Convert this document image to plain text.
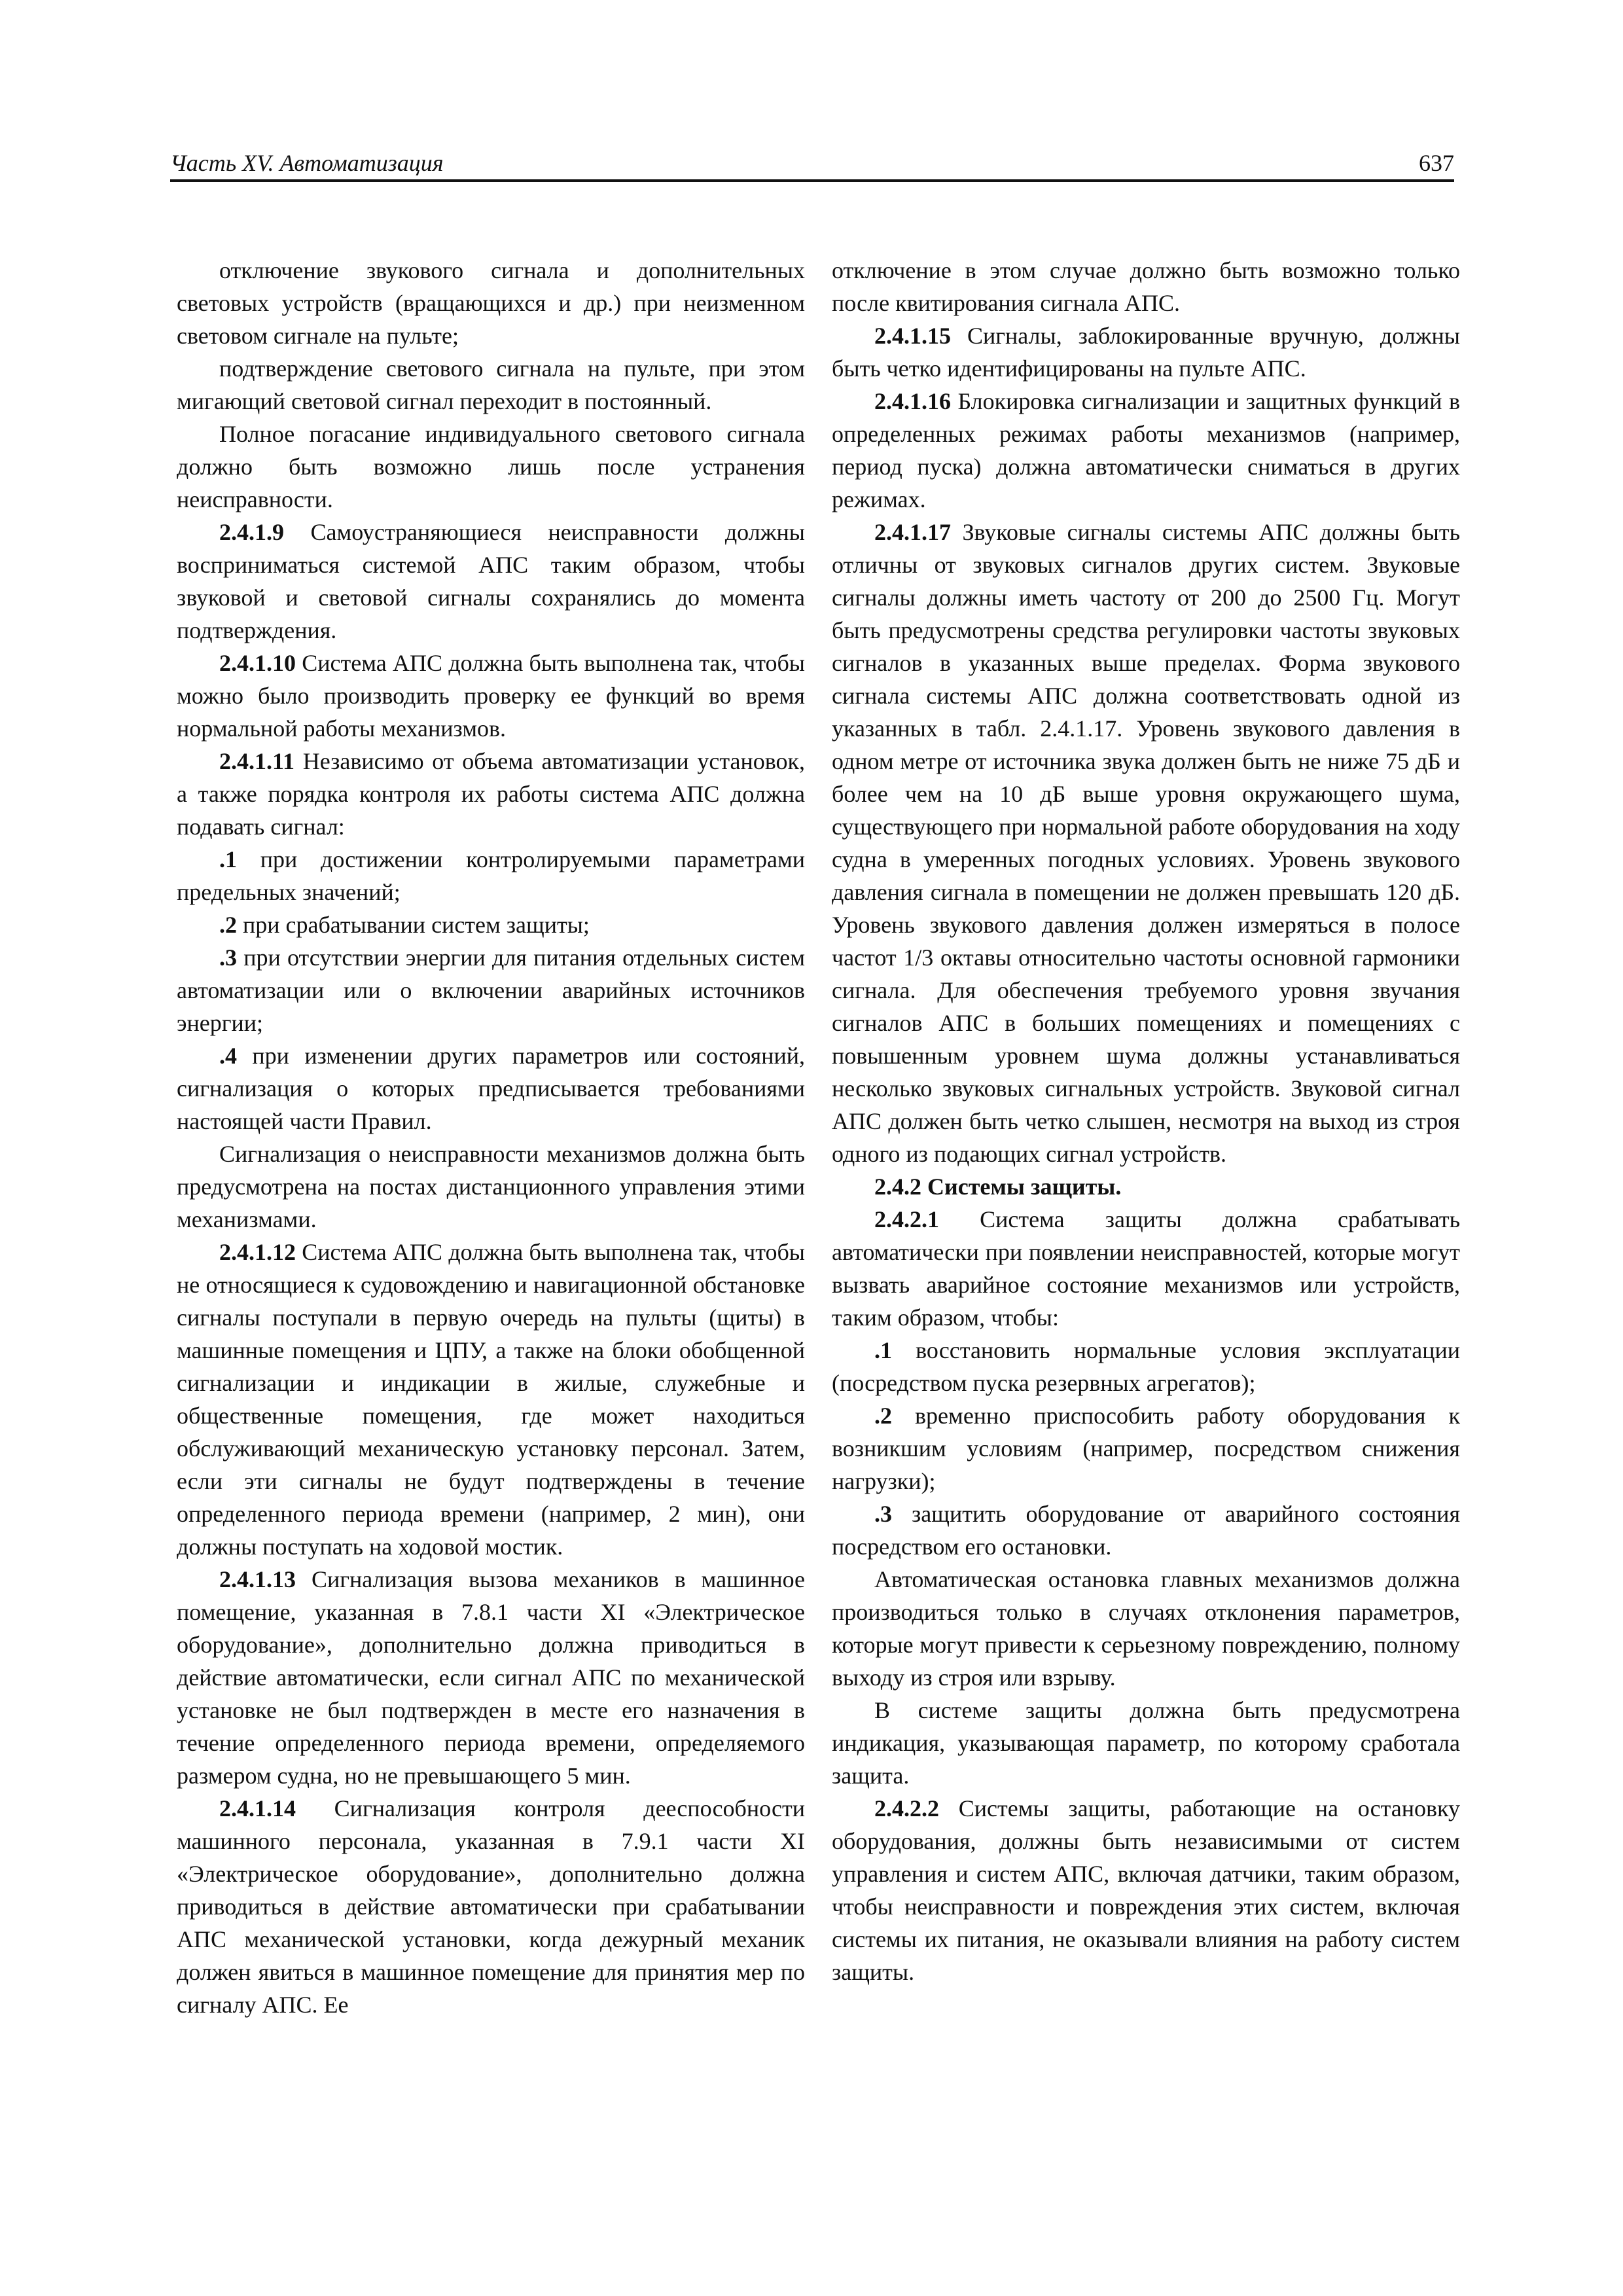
Часть XV. Автоматизация	637

отключение звукового сигнала и дополнительных световых устройств (вращающихся и др.) при неизменном световом сигнале на пульте;

подтверждение светового сигнала на пульте, при этом мигающий световой сигнал переходит в постоянный.

Полное погасание индивидуального светового сигнала должно быть возможно лишь после устранения неисправности.

2.4.1.9 Самоустраняющиеся неисправности должны восприниматься системой АПС таким образом, чтобы звуковой и световой сигналы сохранялись до момента подтверждения.

2.4.1.10 Система АПС должна быть выполнена так, чтобы можно было производить проверку ее функций во время нормальной работы механизмов.

2.4.1.11 Независимо от объема автоматизации установок, а также порядка контроля их работы система АПС должна подавать сигнал:

.1 при достижении контролируемыми параметрами предельных значений;

.2 при срабатывании систем защиты;

.3 при отсутствии энергии для питания отдельных систем автоматизации или о включении аварийных источников энергии;

.4 при изменении других параметров или состояний, сигнализация о которых предписывается требованиями настоящей части Правил.

Сигнализация о неисправности механизмов должна быть предусмотрена на постах дистанционного управления этими механизмами.

2.4.1.12 Система АПС должна быть выполнена так, чтобы не относящиеся к судовождению и навигационной обстановке сигналы поступали в первую очередь на пульты (щиты) в машинные помещения и ЦПУ, а также на блоки обобщенной сигнализации и индикации в жилые, служебные и общественные помещения, где может находиться обслуживающий механическую установку персонал. Затем, если эти сигналы не будут подтверждены в течение определенного периода времени (например, 2 мин), они должны поступать на ходовой мостик.

2.4.1.13 Сигнализация вызова механиков в машинное помещение, указанная в 7.8.1 части XI «Электрическое оборудование», дополнительно должна приводиться в действие автоматически, если сигнал АПС по механической установке не был подтвержден в месте его назначения в течение определенного периода времени, определяемого размером судна, но не превышающего 5 мин.

2.4.1.14 Сигнализация контроля дееспособности машинного персонала, указанная в 7.9.1 части XI «Электрическое оборудование», дополнительно должна приводиться в действие автоматически при срабатывании АПС механической установки, когда дежурный механик должен явиться в машинное помещение для принятия мер по сигналу АПС. Ее

отключение в этом случае должно быть возможно только после квитирования сигнала АПС.

2.4.1.15 Сигналы, заблокированные вручную, должны быть четко идентифицированы на пульте АПС.

2.4.1.16 Блокировка сигнализации и защитных функций в определенных режимах работы механизмов (например, период пуска) должна автоматически сниматься в других режимах.

2.4.1.17 Звуковые сигналы системы АПС должны быть отличны от звуковых сигналов других систем. Звуковые сигналы должны иметь частоту от 200 до 2500 Гц. Могут быть предусмотрены средства регулировки частоты звуковых сигналов в указанных выше пределах. Форма звукового сигнала системы АПС должна соответствовать одной из указанных в табл. 2.4.1.17. Уровень звукового давления в одном метре от источника звука должен быть не ниже 75 дБ и более чем на 10 дБ выше уровня окружающего шума, существующего при нормальной работе оборудования на ходу судна в умеренных погодных условиях. Уровень звукового давления сигнала в помещении не должен превышать 120 дБ. Уровень звукового давления должен измеряться в полосе частот 1/3 октавы относительно частоты основной гармоники сигнала. Для обеспечения требуемого уровня звучания сигналов АПС в больших помещениях и помещениях с повышенным уровнем шума должны устанавливаться несколько звуковых сигнальных устройств. Звуковой сигнал АПС должен быть четко слышен, несмотря на выход из строя одного из подающих сигнал устройств.

2.4.2 Системы защиты.

2.4.2.1 Система защиты должна срабатывать автоматически при появлении неисправностей, которые могут вызвать аварийное состояние механизмов или устройств, таким образом, чтобы:

.1 восстановить нормальные условия эксплуатации (посредством пуска резервных агрегатов);

.2 временно приспособить работу оборудования к возникшим условиям (например, посредством снижения нагрузки);

.3 защитить оборудование от аварийного состояния посредством его остановки.

Автоматическая остановка главных механизмов должна производиться только в случаях отклонения параметров, которые могут привести к серьезному повреждению, полному выходу из строя или взрыву.

В системе защиты должна быть предусмотрена индикация, указывающая параметр, по которому сработала защита.

2.4.2.2 Системы защиты, работающие на остановку оборудования, должны быть независимыми от систем управления и систем АПС, включая датчики, таким образом, чтобы неисправности и повреждения этих систем, включая системы их питания, не оказывали влияния на работу систем защиты.
